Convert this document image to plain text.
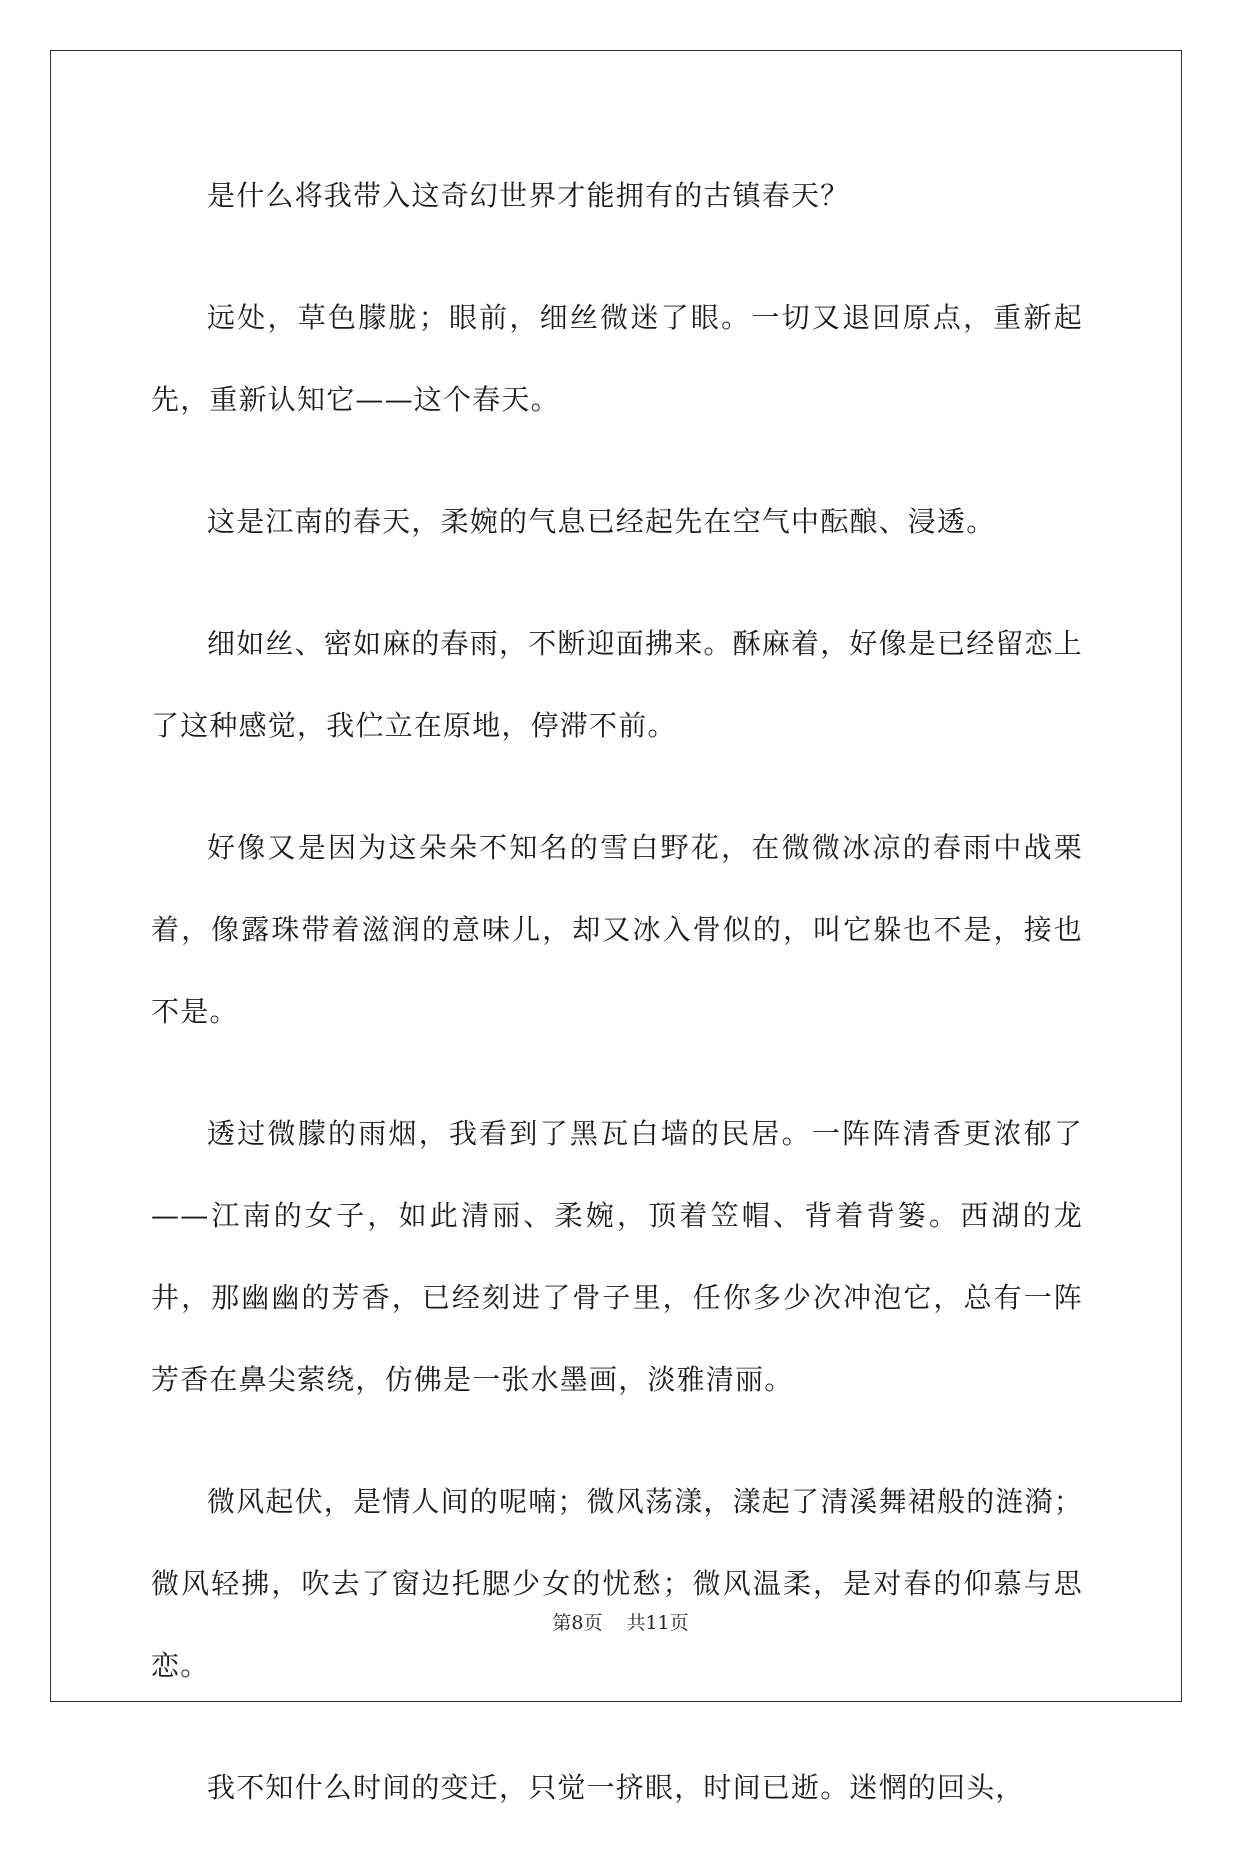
是什么将我带入这奇幻世界才能拥有的古镇春天？

远处，草色朦胧；眼前，细丝微迷了眼。一切又退回原点，重新起先，重新认知它——这个春天。

这是江南的春天，柔婉的气息已经起先在空气中酝酿、浸透。

细如丝、密如麻的春雨，不断迎面拂来。酥麻着，好像是已经留恋上了这种感觉，我伫立在原地，停滞不前。

好像又是因为这朵朵不知名的雪白野花，在微微冰凉的春雨中战栗着，像露珠带着滋润的意味儿，却又冰入骨似的，叫它躲也不是，接也不是。

透过微朦的雨烟，我看到了黑瓦白墙的民居。一阵阵清香更浓郁了——江南的女子，如此清丽、柔婉，顶着笠帽、背着背篓。西湖的龙井，那幽幽的芳香，已经刻进了骨子里，任你多少次冲泡它，总有一阵芳香在鼻尖萦绕，仿佛是一张水墨画，淡雅清丽。

微风起伏，是情人间的呢喃；微风荡漾，漾起了清溪舞裙般的涟漪；微风轻拂，吹去了窗边托腮少女的忧愁；微风温柔，是对春的仰慕与思恋。

我不知什么时间的变迁，只觉一挤眼，时间已逝。迷惘的回头，

第8页 共11页
